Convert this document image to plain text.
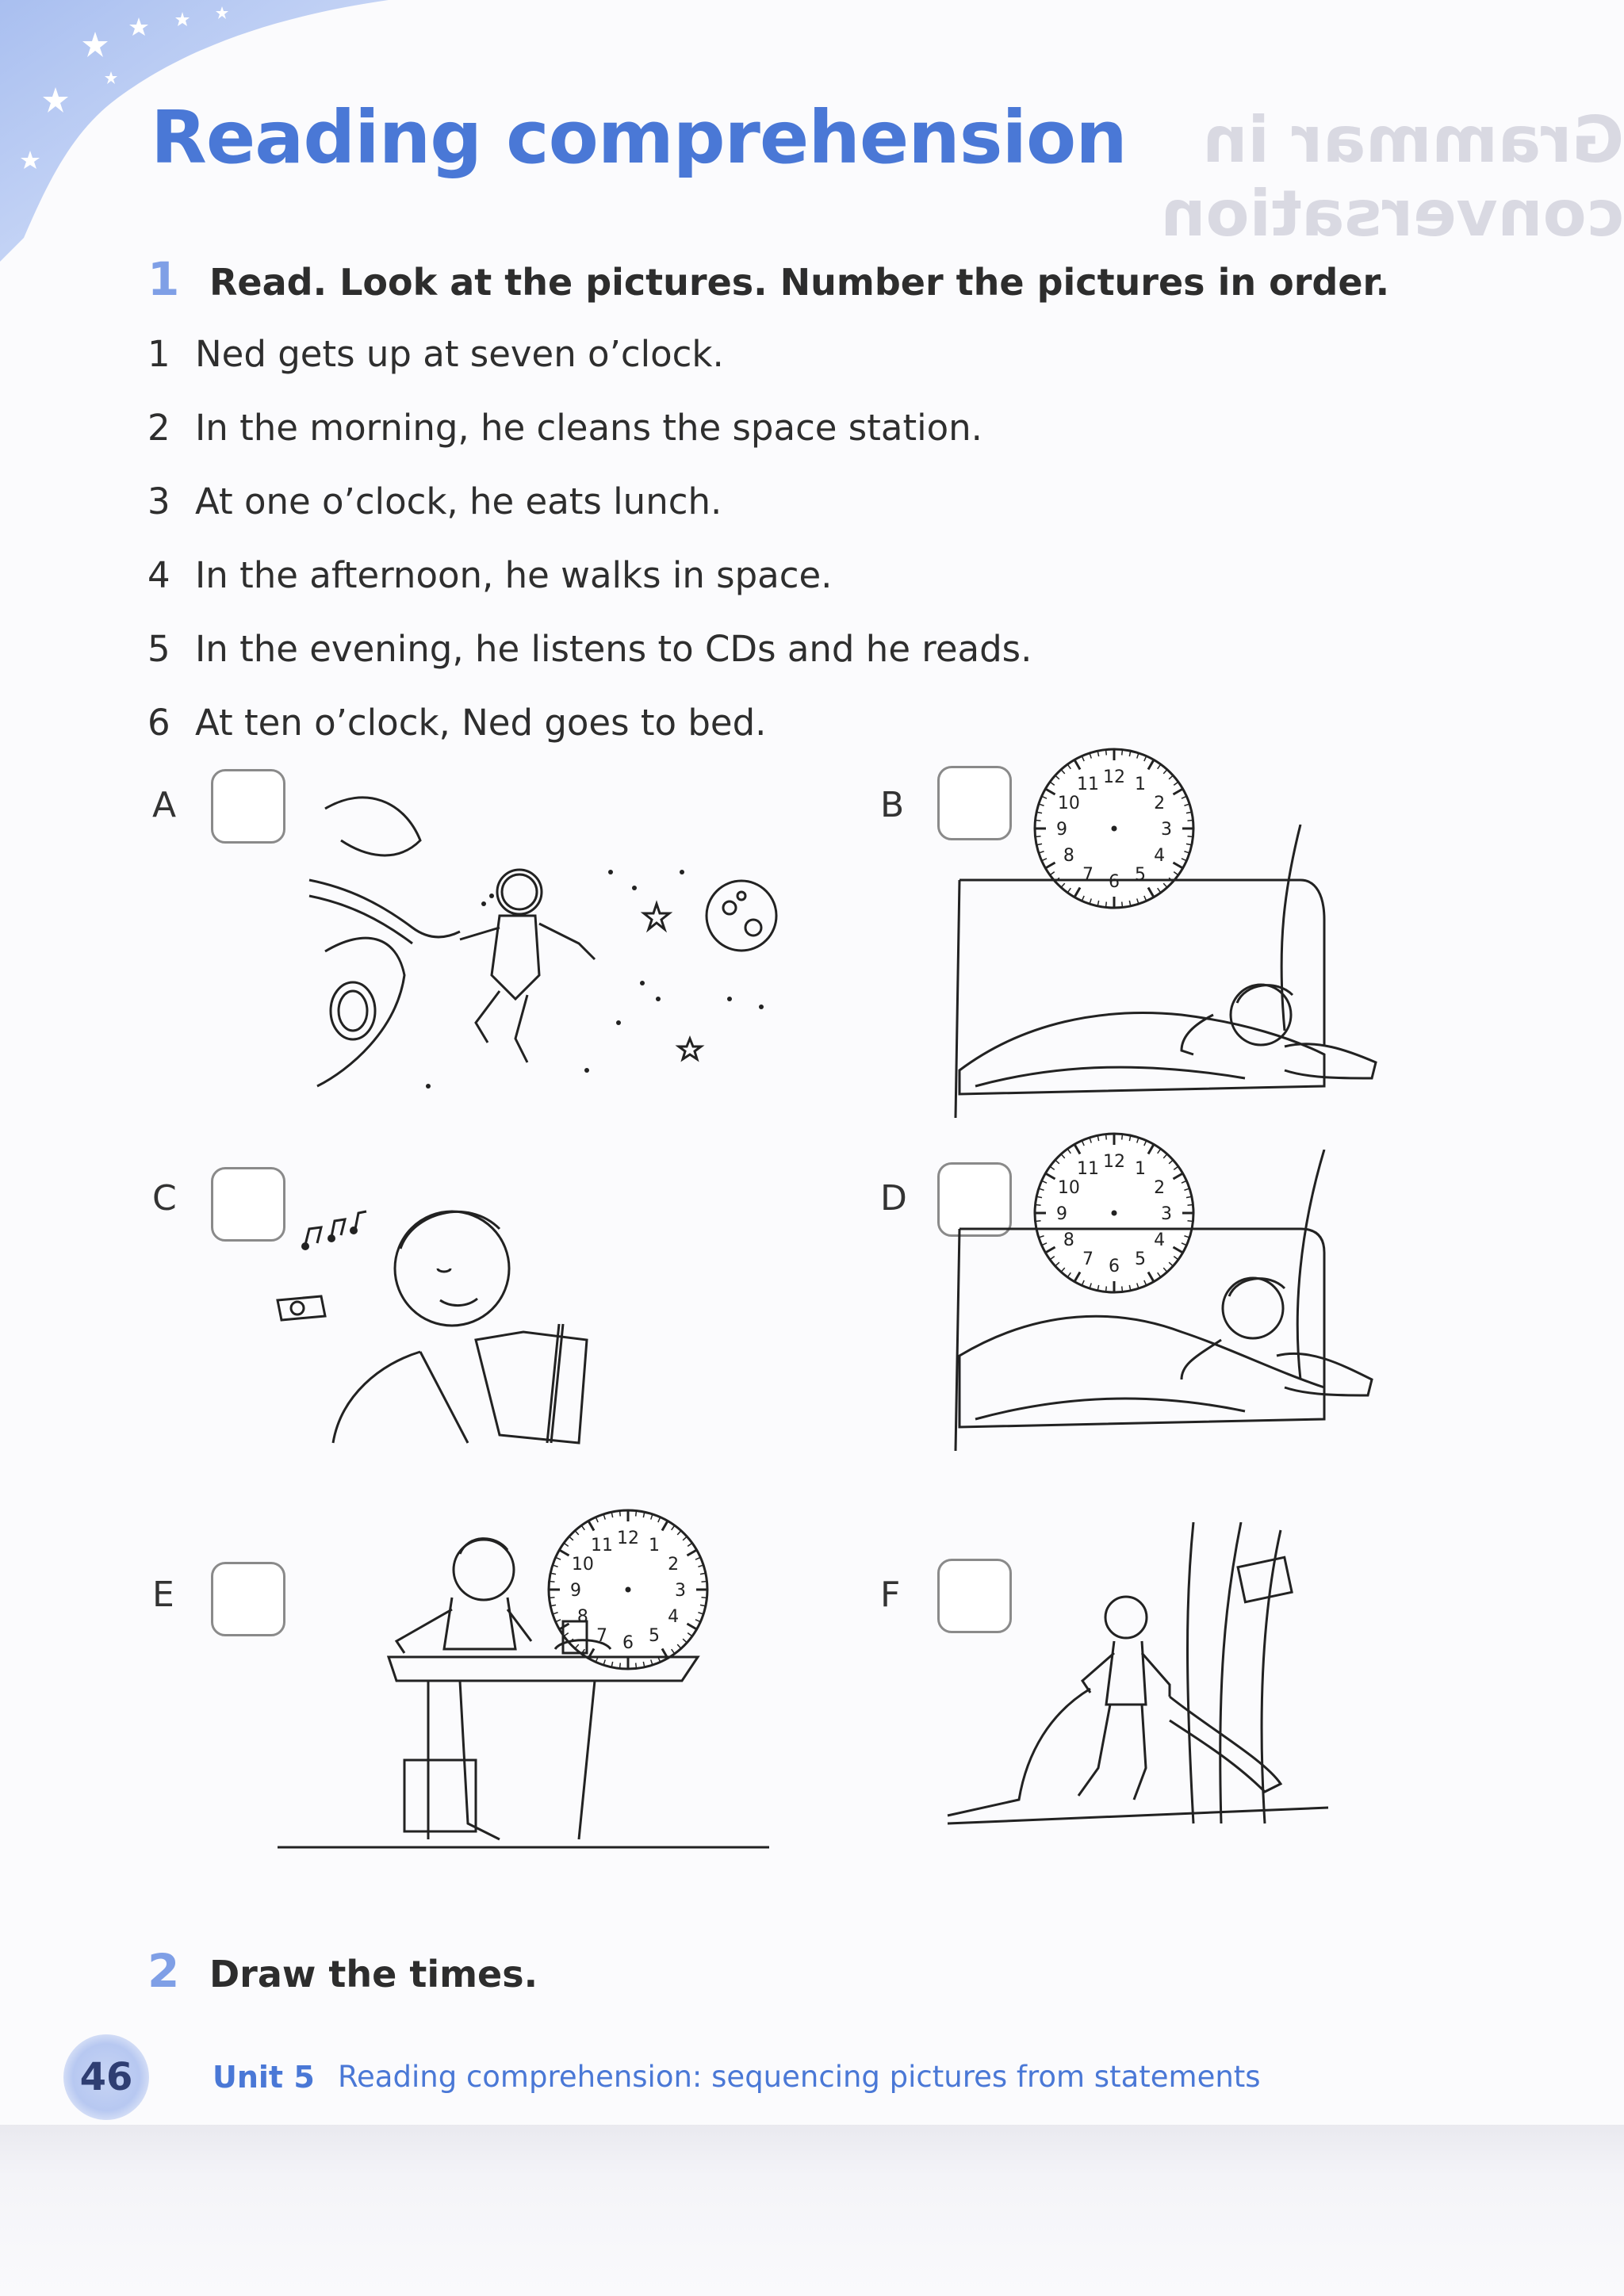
Grammar in conversation
Reading comprehension
1 Read. Look at the pictures. Number the pictures in order.
1 Ned gets up at seven o’clock.
2 In the morning, he cleans the space station.
3 At one o’clock, he eats lunch.
4 In the afternoon, he walks in space.
5 In the evening, he listens to CDs and he reads.
6 At ten o’clock, Ned goes to bed.
A	B
12 1
2
3
4
5
6
7
8
9
10
11
C	D
12 1
2
3
4
5
6
7
8
9
10
11
E
12 1
2
3
4
5
6
7
8
9
10
11
F
2 Draw the times.
46	Unit 5 Reading comprehension: sequencing pictures from statements
